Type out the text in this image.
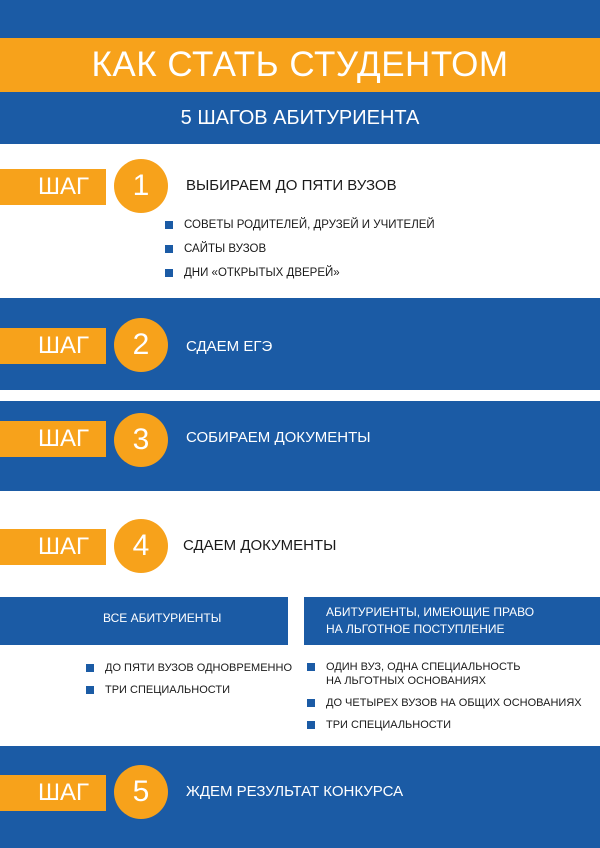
КАК СТАТЬ СТУДЕНТОМ
5 ШАГОВ АБИТУРИЕНТА
ШАГ	1	ВЫБИРАЕМ ДО ПЯТИ ВУЗОВ
СОВЕТЫ РОДИТЕЛЕЙ, ДРУЗЕЙ И УЧИТЕЛЕЙ
САЙТЫ ВУЗОВ
ДНИ «ОТКРЫТЫХ ДВЕРЕЙ»
ШАГ	2	СДАЕМ ЕГЭ
ШАГ	3	СОБИРАЕМ ДОКУМЕНТЫ
ШАГ	4	СДАЕМ ДОКУМЕНТЫ
ВСЕ АБИТУРИЕНТЫ	АБИТУРИЕНТЫ, ИМЕЮЩИЕ ПРАВО
НА ЛЬГОТНОЕ ПОСТУПЛЕНИЕ
ДО ПЯТИ ВУЗОВ ОДНОВРЕМЕННО
ТРИ СПЕЦИАЛЬНОСТИ
ОДИН ВУЗ, ОДНА СПЕЦИАЛЬНОСТЬ
НА ЛЬГОТНЫХ ОСНОВАНИЯХ
ДО ЧЕТЫРЕХ ВУЗОВ НА ОБЩИХ ОСНОВАНИЯХ
ТРИ СПЕЦИАЛЬНОСТИ
ШАГ	5	ЖДЕМ РЕЗУЛЬТАТ КОНКУРСА
